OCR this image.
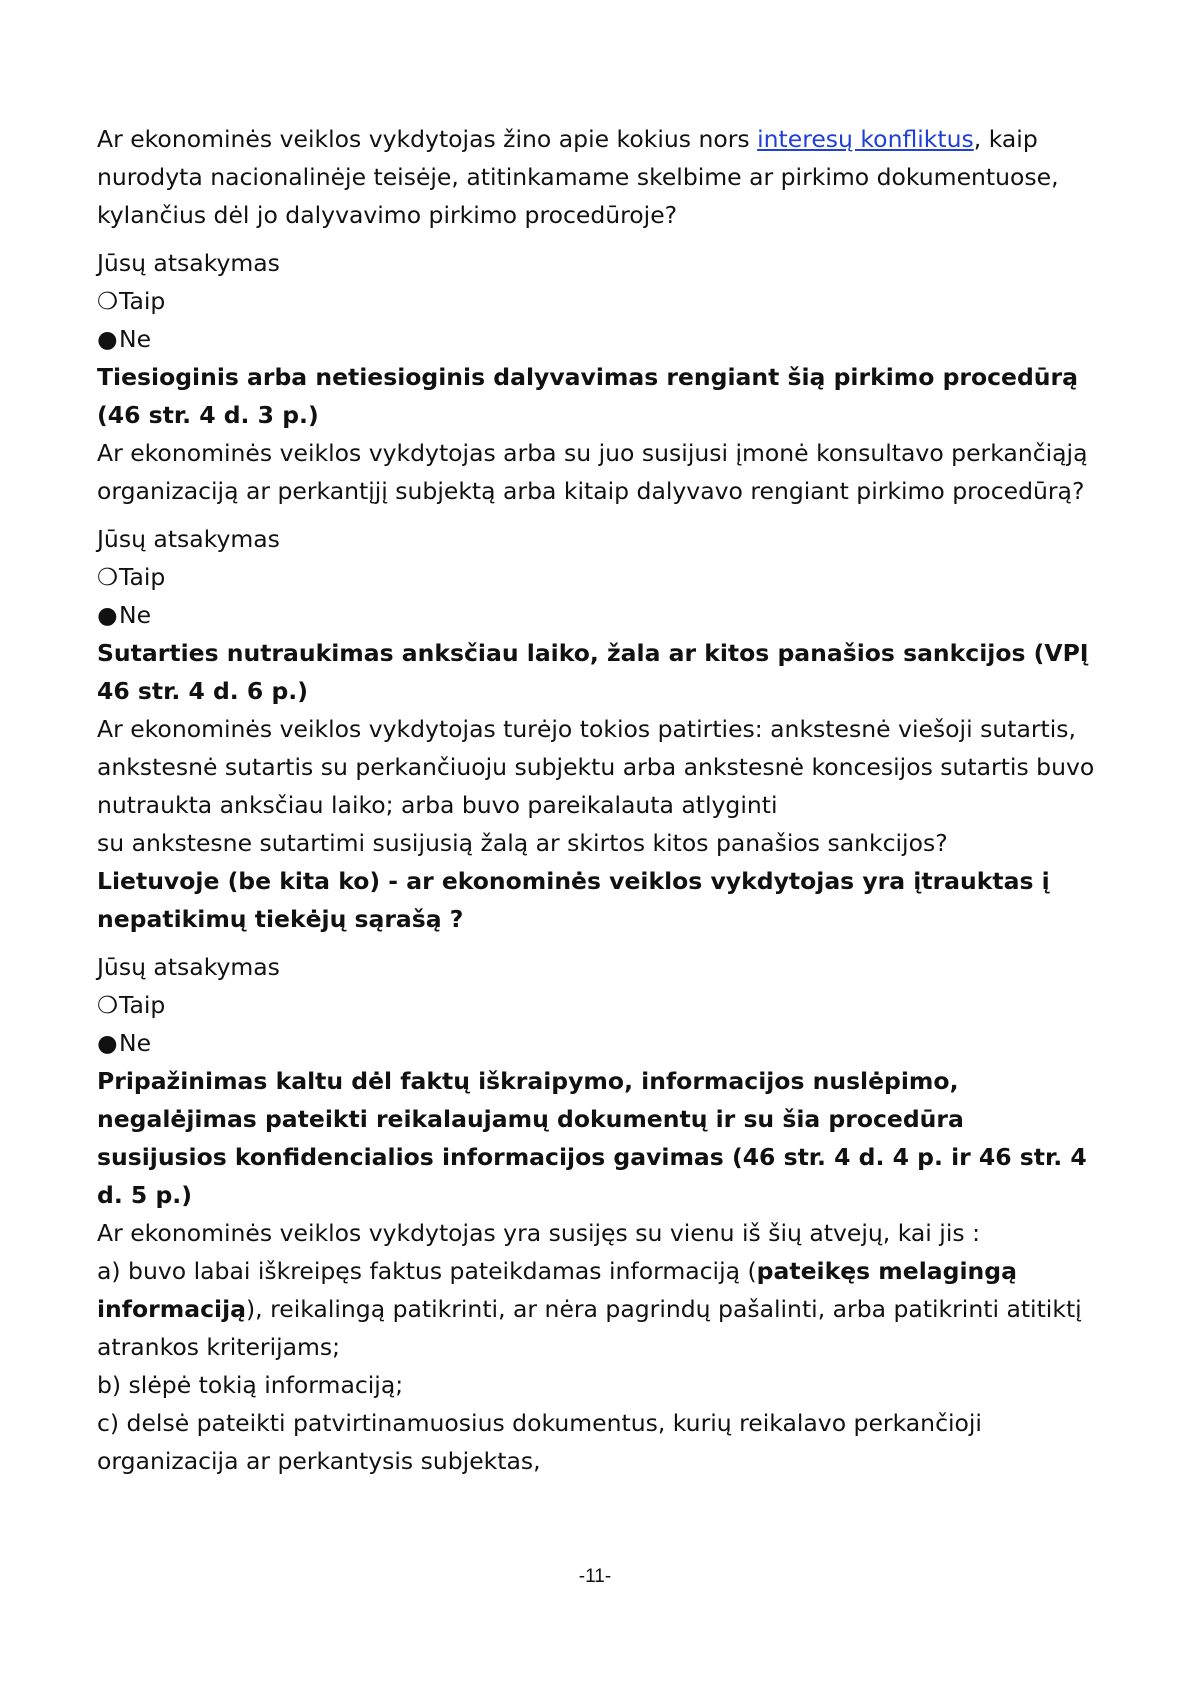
Ar ekonominės veiklos vykdytojas žino apie kokius nors interesų konfliktus, kaip nurodyta nacionalinėje teisėje, atitinkamame skelbime ar pirkimo dokumentuose, kylančius dėl jo dalyvavimo pirkimo procedūroje?

Jūsų atsakymas

❍Taip
●Ne

Tiesioginis arba netiesioginis dalyvavimas rengiant šią pirkimo procedūrą (46 str. 4 d. 3 p.)

Ar ekonominės veiklos vykdytojas arba su juo susijusi įmonė konsultavo perkančiąją organizaciją ar perkantįjį subjektą arba kitaip dalyvavo rengiant pirkimo procedūrą?

Jūsų atsakymas

❍Taip
●Ne

Sutarties nutraukimas anksčiau laiko, žala ar kitos panašios sankcijos (VPĮ 46 str. 4 d. 6 p.)

Ar ekonominės veiklos vykdytojas turėjo tokios patirties: ankstesnė viešoji sutartis, ankstesnė sutartis su perkančiuoju subjektu arba ankstesnė koncesijos sutartis buvo nutraukta anksčiau laiko; arba buvo pareikalauta atlyginti

su ankstesne sutartimi susijusią žalą ar skirtos kitos panašios sankcijos?

Lietuvoje (be kita ko) - ar ekonominės veiklos vykdytojas yra įtrauktas į nepatikimų tiekėjų sąrašą ?

Jūsų atsakymas

❍Taip
●Ne

Pripažinimas kaltu dėl faktų iškraipymo, informacijos nuslėpimo, negalėjimas pateikti reikalaujamų dokumentų ir su šia procedūra susijusios konfidencialios informacijos gavimas (46 str. 4 d. 4 p. ir 46 str. 4 d. 5 p.)

Ar ekonominės veiklos vykdytojas yra susijęs su vienu iš šių atvejų, kai jis :

a) buvo labai iškreipęs faktus pateikdamas informaciją (pateikęs melagingą informaciją), reikalingą patikrinti, ar nėra pagrindų pašalinti, arba patikrinti atitiktį atrankos kriterijams;

b) slėpė tokią informaciją;

c) delsė pateikti patvirtinamuosius dokumentus, kurių reikalavo perkančioji organizacija ar perkantysis subjektas,

-11-
